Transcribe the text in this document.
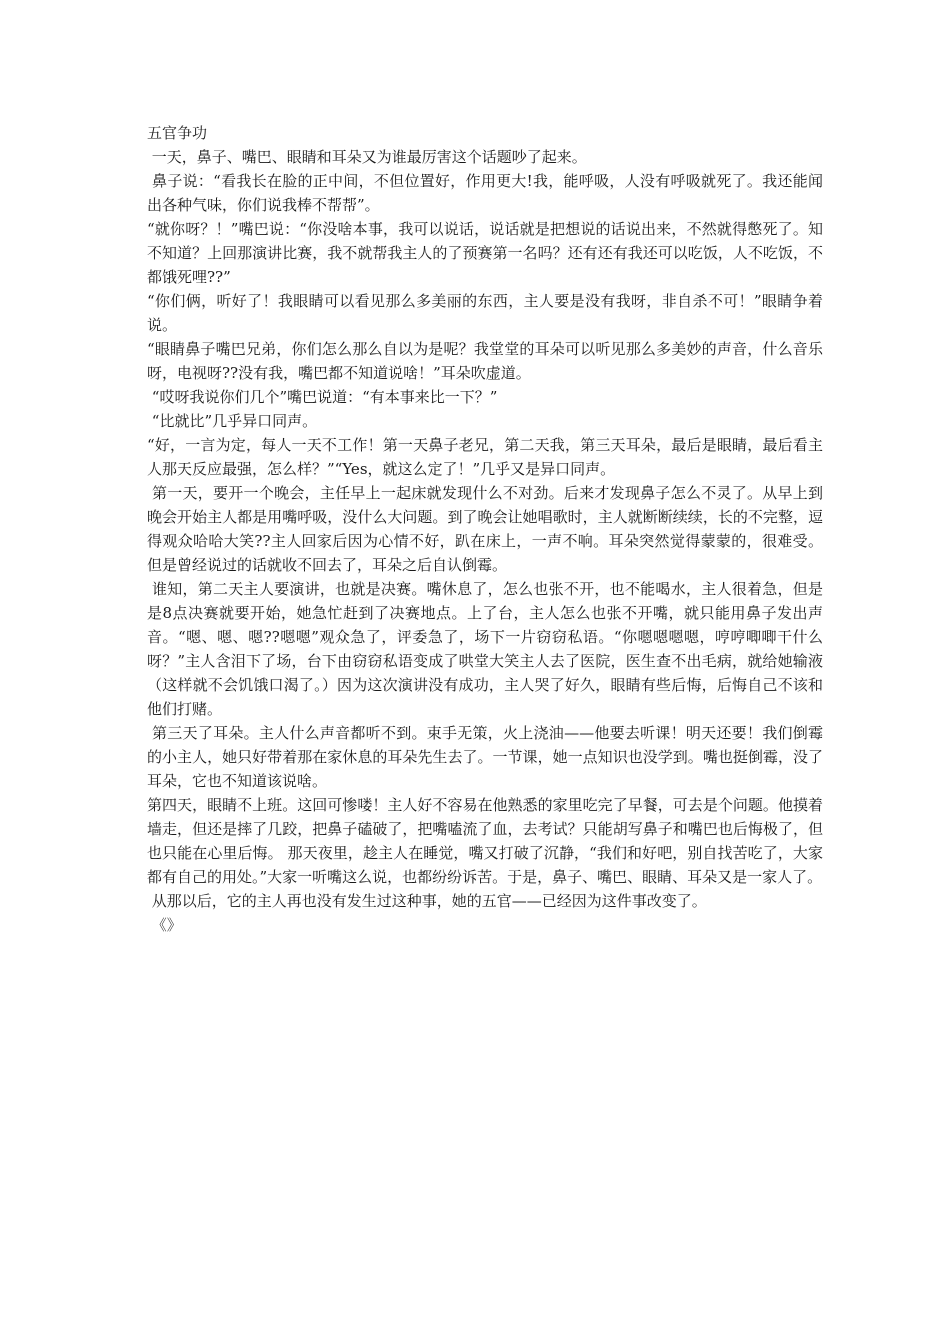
五官争功

一天，鼻子、嘴巴、眼睛和耳朵又为谁最厉害这个话题吵了起来。

鼻子说：“看我长在脸的正中间，不但位置好，作用更大!我，能呼吸，人没有呼吸就死了。我还能闻出各种气味，你们说我棒不帮帮”。

“就你呀？！”嘴巴说：“你没啥本事，我可以说话，说话就是把想说的话说出来，不然就得憋死了。知不知道？上回那演讲比赛，我不就帮我主人的了预赛第一名吗？还有还有我还可以吃饭，人不吃饭，不都饿死哩??”

“你们俩，听好了！我眼睛可以看见那么多美丽的东西，主人要是没有我呀，非自杀不可！”眼睛争着说。

“眼睛鼻子嘴巴兄弟，你们怎么那么自以为是呢？我堂堂的耳朵可以听见那么多美妙的声音，什么音乐呀，电视呀??没有我，嘴巴都不知道说啥！”耳朵吹虚道。

“哎呀我说你们几个”嘴巴说道：“有本事来比一下？”

“比就比”几乎异口同声。

“好，一言为定，每人一天不工作！第一天鼻子老兄，第二天我，第三天耳朵，最后是眼睛，最后看主人那天反应最强，怎么样？”“Yes，就这么定了！”几乎又是异口同声。

第一天，要开一个晚会，主任早上一起床就发现什么不对劲。后来才发现鼻子怎么不灵了。从早上到晚会开始主人都是用嘴呼吸，没什么大问题。到了晚会让她唱歌时，主人就断断续续，长的不完整，逗得观众哈哈大笑??主人回家后因为心情不好，趴在床上，一声不响。耳朵突然觉得蒙蒙的，很难受。但是曾经说过的话就收不回去了，耳朵之后自认倒霉。

谁知，第二天主人要演讲，也就是决赛。嘴休息了，怎么也张不开，也不能喝水，主人很着急，但是是8点决赛就要开始，她急忙赶到了决赛地点。上了台，主人怎么也张不开嘴，就只能用鼻子发出声音。“嗯、嗯、嗯??嗯嗯”观众急了，评委急了，场下一片窃窃私语。“你嗯嗯嗯嗯，哼哼唧唧干什么呀？”主人含泪下了场，台下由窃窃私语变成了哄堂大笑主人去了医院，医生查不出毛病，就给她输液（这样就不会饥饿口渴了。）因为这次演讲没有成功，主人哭了好久，眼睛有些后悔，后悔自己不该和他们打赌。

第三天了耳朵。主人什么声音都听不到。束手无策，火上浇油——他要去听课！明天还要！我们倒霉的小主人，她只好带着那在家休息的耳朵先生去了。一节课，她一点知识也没学到。嘴也挺倒霉，没了耳朵，它也不知道该说啥。

第四天，眼睛不上班。这回可惨喽！主人好不容易在他熟悉的家里吃完了早餐，可去是个问题。他摸着墙走，但还是摔了几跤，把鼻子磕破了，把嘴嗑流了血，去考试？只能胡写鼻子和嘴巴也后悔极了，但也只能在心里后悔。 那天夜里，趁主人在睡觉，嘴又打破了沉静，“我们和好吧，别自找苦吃了，大家都有自己的用处。”大家一听嘴这么说，也都纷纷诉苦。于是，鼻子、嘴巴、眼睛、耳朵又是一家人了。

从那以后，它的主人再也没有发生过这种事，她的五官——已经因为这件事改变了。

《》
